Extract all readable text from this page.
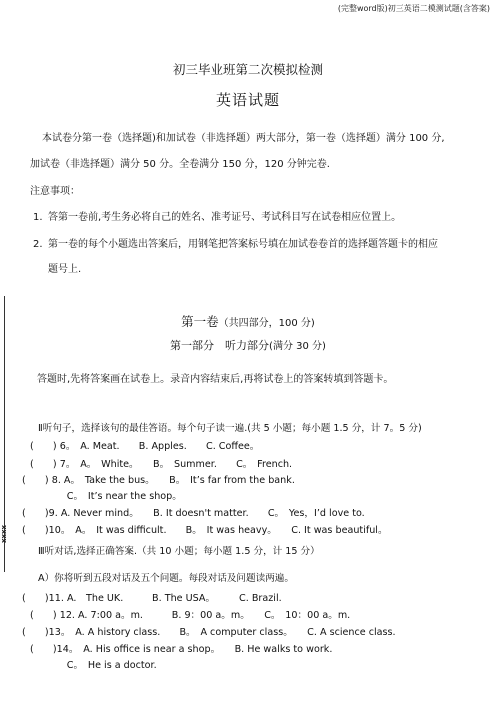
(完整word版)初三英语二模测试题(含答案)
初三毕业班第二次模拟检测
英语试题
本试卷分第一卷（选择题)和加试卷（非选择题）两大部分，第一卷（选择题）满分 100 分,
加试卷（非选择题）满分 50 分。全卷满分 150 分，120 分钟完卷.
注意事项：
1. 答第一卷前,考生务必将自己的姓名、准考证号、考试科目写在试卷相应位置上。
2. 第一卷的每个小题选出答案后，用钢笔把答案标号填在加试卷卷首的选择题答题卡的相应
题号上.
第一卷（共四部分，100 分)
第一部分　听力部分(满分 30 分)
答题时,先将答案画在试卷上。录音内容结束后,再将试卷上的答案转填到答题卡。
Ⅱ听句子，选择该句的最佳答语。每个句子读一遍.(共 5 小题；每小题 1.5 分，计 7。5 分)
(　　) 6。　A. Meat.　　B. Apples.　　C. Coffee。
(　　) 7。　A。　White。　　B。　Summer.　　C。　French.
(　　) 8. A。　Take the bus。　　B。　It’s far from the bank.
　　　C。　It’s near the shop。
(　　)9. A. Never mind。　　B. It doesn't matter.　　C。　Yes，I’d love to.
(　　)10。　A。　It was difficult.　　B。　It was heavy。　　C. It was beautiful。
Ⅲ听对话,选择正确答案.（共 10 小题；每小题 1.5 分，计 15 分）
A）你将听到五段对话及五个问题。每段对话及问题读两遍。
(　　)11. A.　The UK.　　　B. The USA。　　　C. Brazil.
(　　) 12. A. 7:00 a。m.　　　B. 9：00 a。m。　　C。　10：00 a。m.
(　　)13。　A. A history class.　　B。　A computer class。　　C. A science class.
(　　)14。　A. His office is near a shop。　　B. He walks to work.
　　　C。　He is a doctor.
xxxx
